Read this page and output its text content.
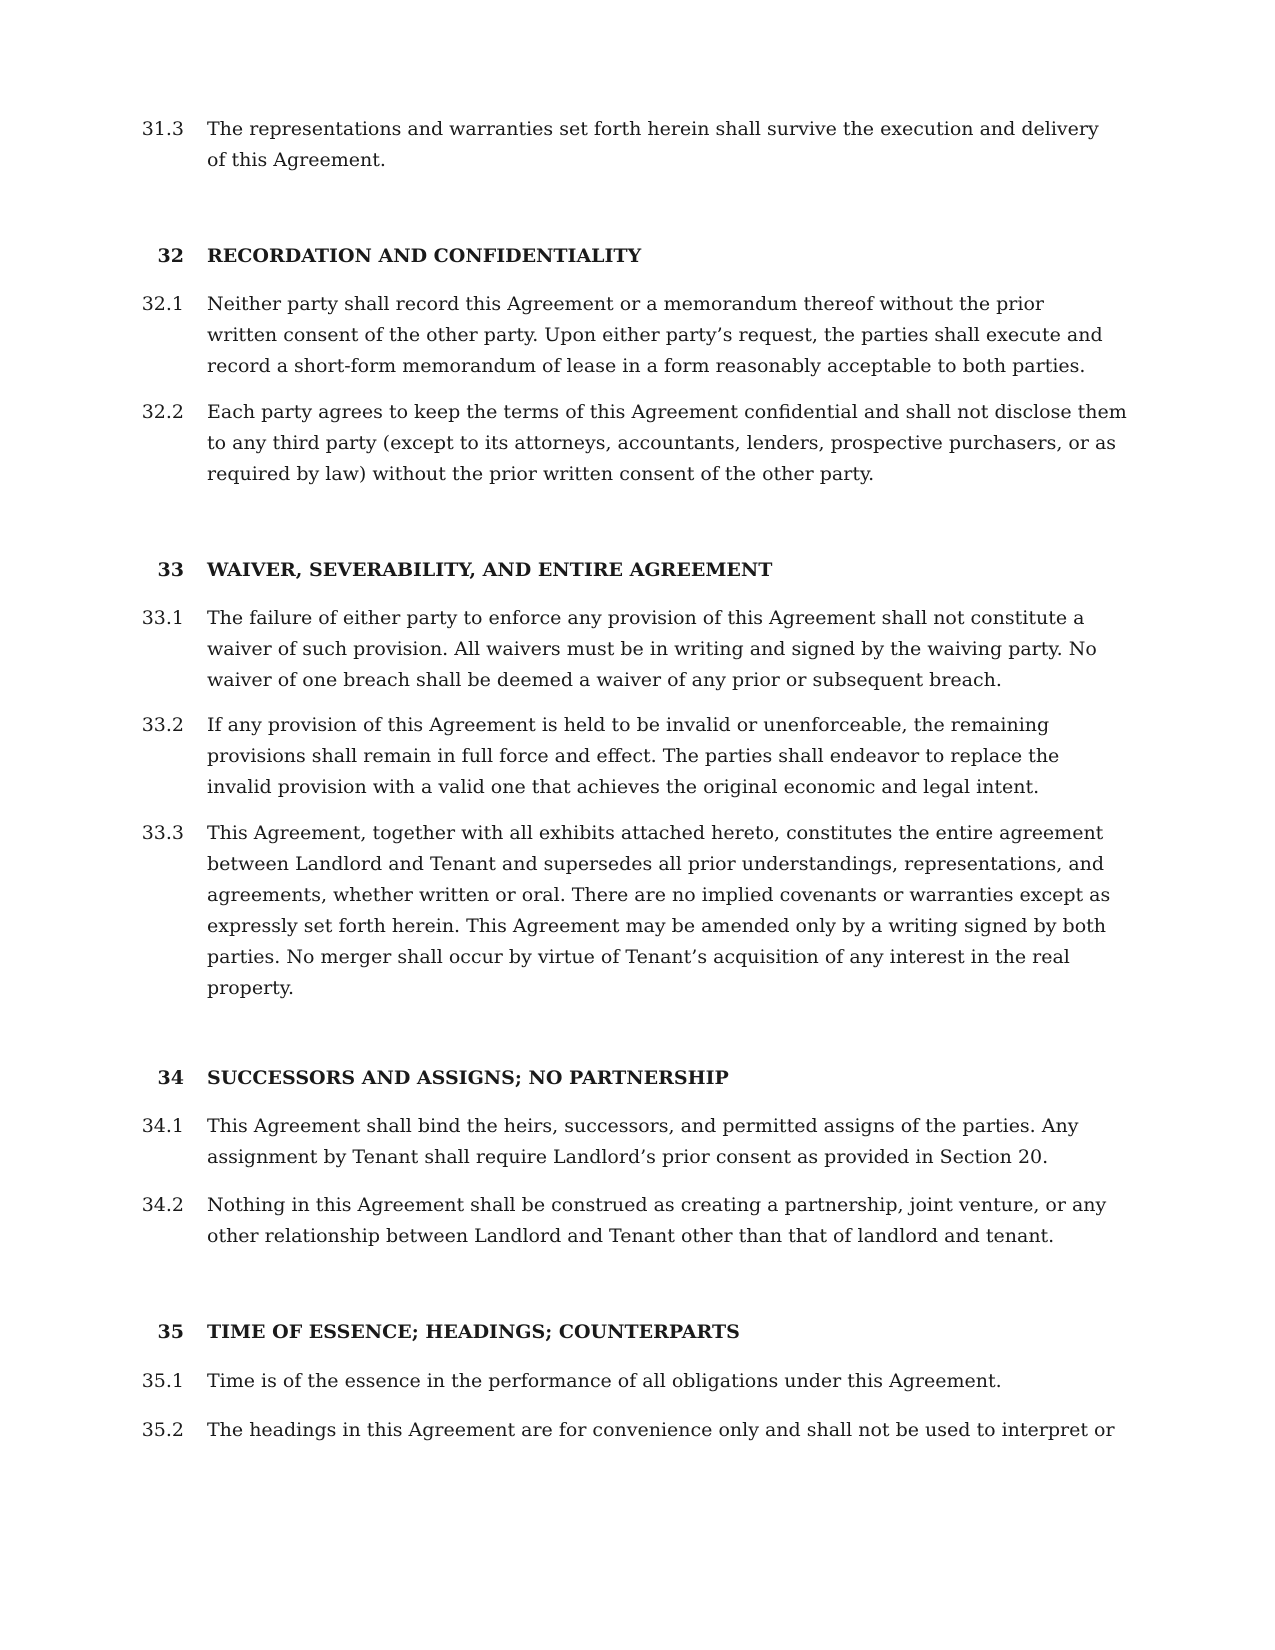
31.3 The representations and warranties set forth herein shall survive the execution and delivery
of this Agreement.
32 RECORDATION AND CONFIDENTIALITY
32.1 Neither party shall record this Agreement or a memorandum thereof without the prior
written consent of the other party. Upon either party’s request, the parties shall execute and
record a short-form memorandum of lease in a form reasonably acceptable to both parties.
32.2 Each party agrees to keep the terms of this Agreement confidential and shall not disclose them
to any third party (except to its attorneys, accountants, lenders, prospective purchasers, or as
required by law) without the prior written consent of the other party.
33 WAIVER, SEVERABILITY, AND ENTIRE AGREEMENT
33.1 The failure of either party to enforce any provision of this Agreement shall not constitute a
waiver of such provision. All waivers must be in writing and signed by the waiving party. No
waiver of one breach shall be deemed a waiver of any prior or subsequent breach.
33.2 If any provision of this Agreement is held to be invalid or unenforceable, the remaining
provisions shall remain in full force and effect. The parties shall endeavor to replace the
invalid provision with a valid one that achieves the original economic and legal intent.
33.3 This Agreement, together with all exhibits attached hereto, constitutes the entire agreement
between Landlord and Tenant and supersedes all prior understandings, representations, and
agreements, whether written or oral. There are no implied covenants or warranties except as
expressly set forth herein. This Agreement may be amended only by a writing signed by both
parties. No merger shall occur by virtue of Tenant’s acquisition of any interest in the real
property.
34 SUCCESSORS AND ASSIGNS; NO PARTNERSHIP
34.1 This Agreement shall bind the heirs, successors, and permitted assigns of the parties. Any
assignment by Tenant shall require Landlord’s prior consent as provided in Section 20.
34.2 Nothing in this Agreement shall be construed as creating a partnership, joint venture, or any
other relationship between Landlord and Tenant other than that of landlord and tenant.
35 TIME OF ESSENCE; HEADINGS; COUNTERPARTS
35.1 Time is of the essence in the performance of all obligations under this Agreement.
35.2 The headings in this Agreement are for convenience only and shall not be used to interpret or
